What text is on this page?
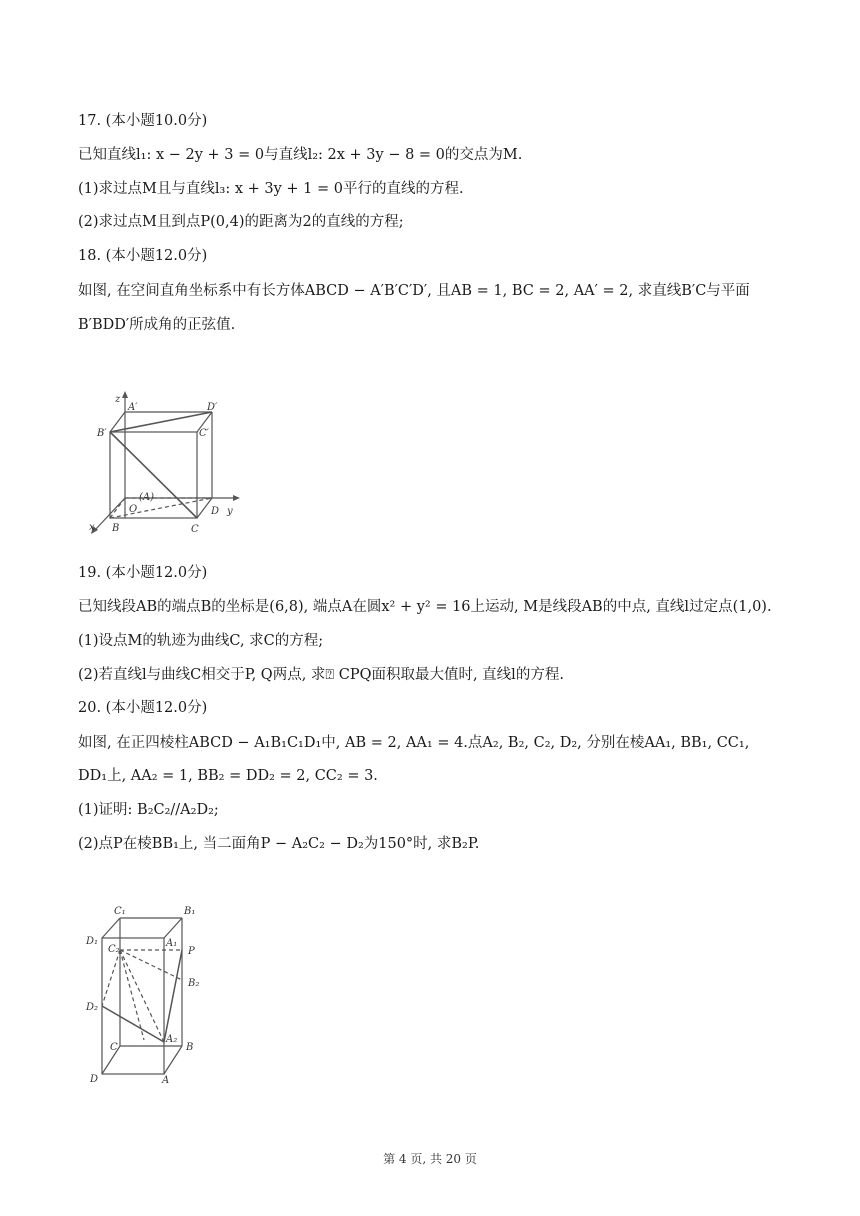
17. (本小题10.0分)
已知直线l₁: x − 2y + 3 = 0与直线l₂: 2x + 3y − 8 = 0的交点为M.
(1)求过点M且与直线l₃: x + 3y + 1 = 0平行的直线的方程.
(2)求过点M且到点P(0,4)的距离为2的直线的方程;
18. (本小题12.0分)
如图, 在空间直角坐标系中有长方体ABCD − A′B′C′D′, 且AB = 1, BC = 2, AA′ = 2, 求直线B′C与平面
B′BDD′所成角的正弦值.
z
A′	D′
B′	C′
(A)
O	y
x B	C
D
19. (本小题12.0分)
已知线段AB的端点B的坐标是(6,8), 端点A在圆x² + y² = 16上运动, M是线段AB的中点, 直线l过定点(1,0).
(1)设点M的轨迹为曲线C, 求C的方程;
(2)若直线l与曲线C相交于P, Q两点, 求⍰ CPQ面积取最大值时, 直线l的方程.
20. (本小题12.0分)
如图, 在正四棱柱ABCD − A₁B₁C₁D₁中, AB = 2, AA₁ = 4.点A₂, B₂, C₂, D₂, 分别在棱AA₁, BB₁, CC₁,
DD₁上, AA₂ = 1, BB₂ = DD₂ = 2, CC₂ = 3.
(1)证明: B₂C₂//A₂D₂;
(2)点P在棱BB₁上, 当二面角P − A₂C₂ − D₂为150°时, 求B₂P.
C₁	B₁
D₁
C₂
A₁
P
B₂
D₂
A₂
C	B
D	A
第 4 页, 共 20 页
